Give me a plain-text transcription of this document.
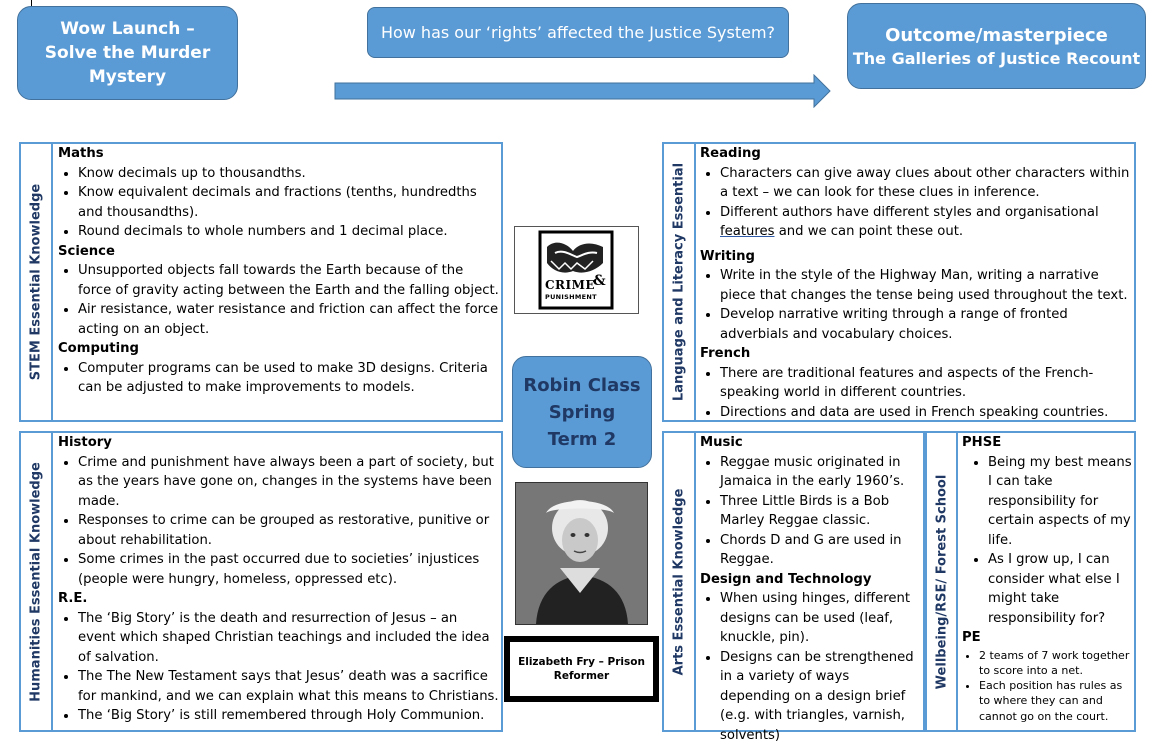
Wow Launch – Solve the Murder Mystery
How has our ‘rights’ affected the Justice System?	Outcome/masterpiece
The Galleries of Justice Recount
STEM Essential Knowledge
Maths
• Know decimals up to thousandths.
• Know equivalent decimals and fractions (tenths, hundredths and thousandths).
• Round decimals to whole numbers and 1 decimal place.
Science
• Unsupported objects fall towards the Earth because of the force of gravity acting between the Earth and the falling object.
• Air resistance, water resistance and friction can affect the force acting on an object.
Computing
• Computer programs can be used to make 3D designs. Criteria can be adjusted to make improvements to models.	Language and Literacy Essential
Reading
• Characters can give away clues about other characters within a text – we can look for these clues in inference.
• Different authors have different styles and organisational features and we can point these out.
Writing
• Write in the style of the Highway Man, writing a narrative piece that changes the tense being used throughout the text.
• Develop narrative writing through a range of fronted adverbials and vocabulary choices.
French
• There are traditional features and aspects of the French-speaking world in different countries.
• Directions and data are used in French speaking countries.
Humanities Essential Knowledge
History
• Crime and punishment have always been a part of society, but as the years have gone on, changes in the systems have been made.
• Responses to crime can be grouped as restorative, punitive or about rehabilitation.
• Some crimes in the past occurred due to societies’ injustices (people were hungry, homeless, oppressed etc).
R.E.
• The ‘Big Story’ is the death and resurrection of Jesus – an event which shaped Christian teachings and included the idea of salvation.
• The The New Testament says that Jesus’ death was a sacrifice for mankind, and we can explain what this means to Christians.
• The ‘Big Story’ is still remembered through Holy Communion.
Arts Essential Knowledge
Music
• Reggae music originated in Jamaica in the early 1960’s.
• Three Little Birds is a Bob Marley Reggae classic.
• Chords D and G are used in Reggae.
Design and Technology
• When using hinges, different designs can be used (leaf, knuckle, pin).
• Designs can be strengthened in a variety of ways depending on a design brief (e.g. with triangles, varnish, solvents)
Wellbeing/RSE/ Forest School
PHSE
• Being my best means I can take responsibility for certain aspects of my life.
• As I grow up, I can consider what else I might take responsibility for?
PE
• 2 teams of 7 work together to score into a net.
• Each position has rules as to where they can and cannot go on the court.
CRIME
&
PUNISHMENT
Robin Class
Spring
Term 2
Elizabeth Fry – Prison Reformer
